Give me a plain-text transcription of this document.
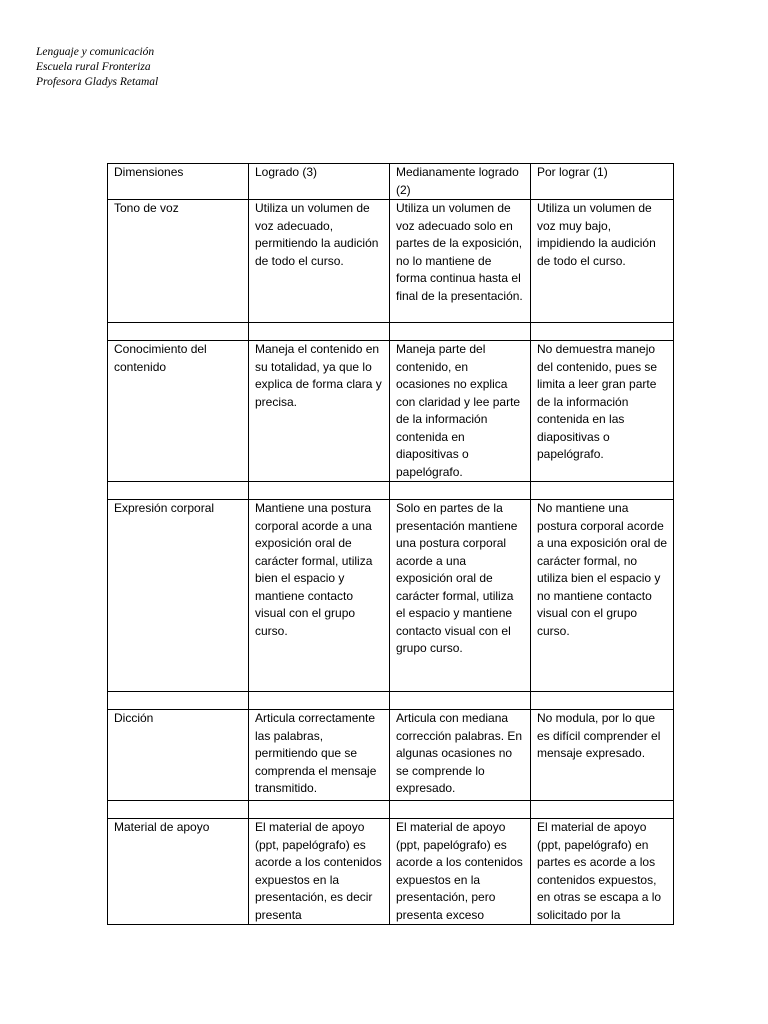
Lenguaje y comunicación
Escuela rural Fronteriza
Profesora Gladys Retamal
Dimensiones	Logrado (3)	Medianamente logrado (2)	Por lograr (1)
Tono de voz	Utiliza un volumen de voz adecuado, permitiendo la audición de todo el curso.	Utiliza un volumen de voz adecuado solo en partes de la exposición, no lo mantiene de forma continua hasta el final de la presentación.	Utiliza un volumen de voz muy bajo, impidiendo la audición de todo el curso.

Conocimiento del contenido	Maneja el contenido en su totalidad, ya que lo explica de forma clara y precisa.	Maneja parte del contenido, en ocasiones no explica con claridad y lee parte de la información contenida en diapositivas o papelógrafo.	No demuestra manejo del contenido, pues se limita a leer gran parte de la información contenida en las diapositivas o papelógrafo.

Expresión corporal	Mantiene una postura corporal acorde a una exposición oral de carácter formal, utiliza bien el espacio y mantiene contacto visual con el grupo curso.	Solo en partes de la presentación mantiene una postura corporal acorde a una exposición oral de carácter formal, utiliza el espacio y mantiene contacto visual con el grupo curso.	No mantiene una postura corporal acorde a una exposición oral de carácter formal, no utiliza bien el espacio y no mantiene contacto visual con el grupo curso.

Dicción	Articula correctamente las palabras, permitiendo que se comprenda el mensaje transmitido.	Articula con mediana corrección palabras. En algunas ocasiones no se comprende lo expresado.	No modula, por lo que es difícil comprender el mensaje expresado.

Material de apoyo	El material de apoyo (ppt, papelógrafo) es acorde a los contenidos expuestos en la presentación, es decir presenta	El material de apoyo (ppt, papelógrafo) es acorde a los contenidos expuestos en la presentación, pero presenta exceso	El material de apoyo (ppt, papelógrafo) en partes es acorde a los contenidos expuestos, en otras se escapa a lo solicitado por la
